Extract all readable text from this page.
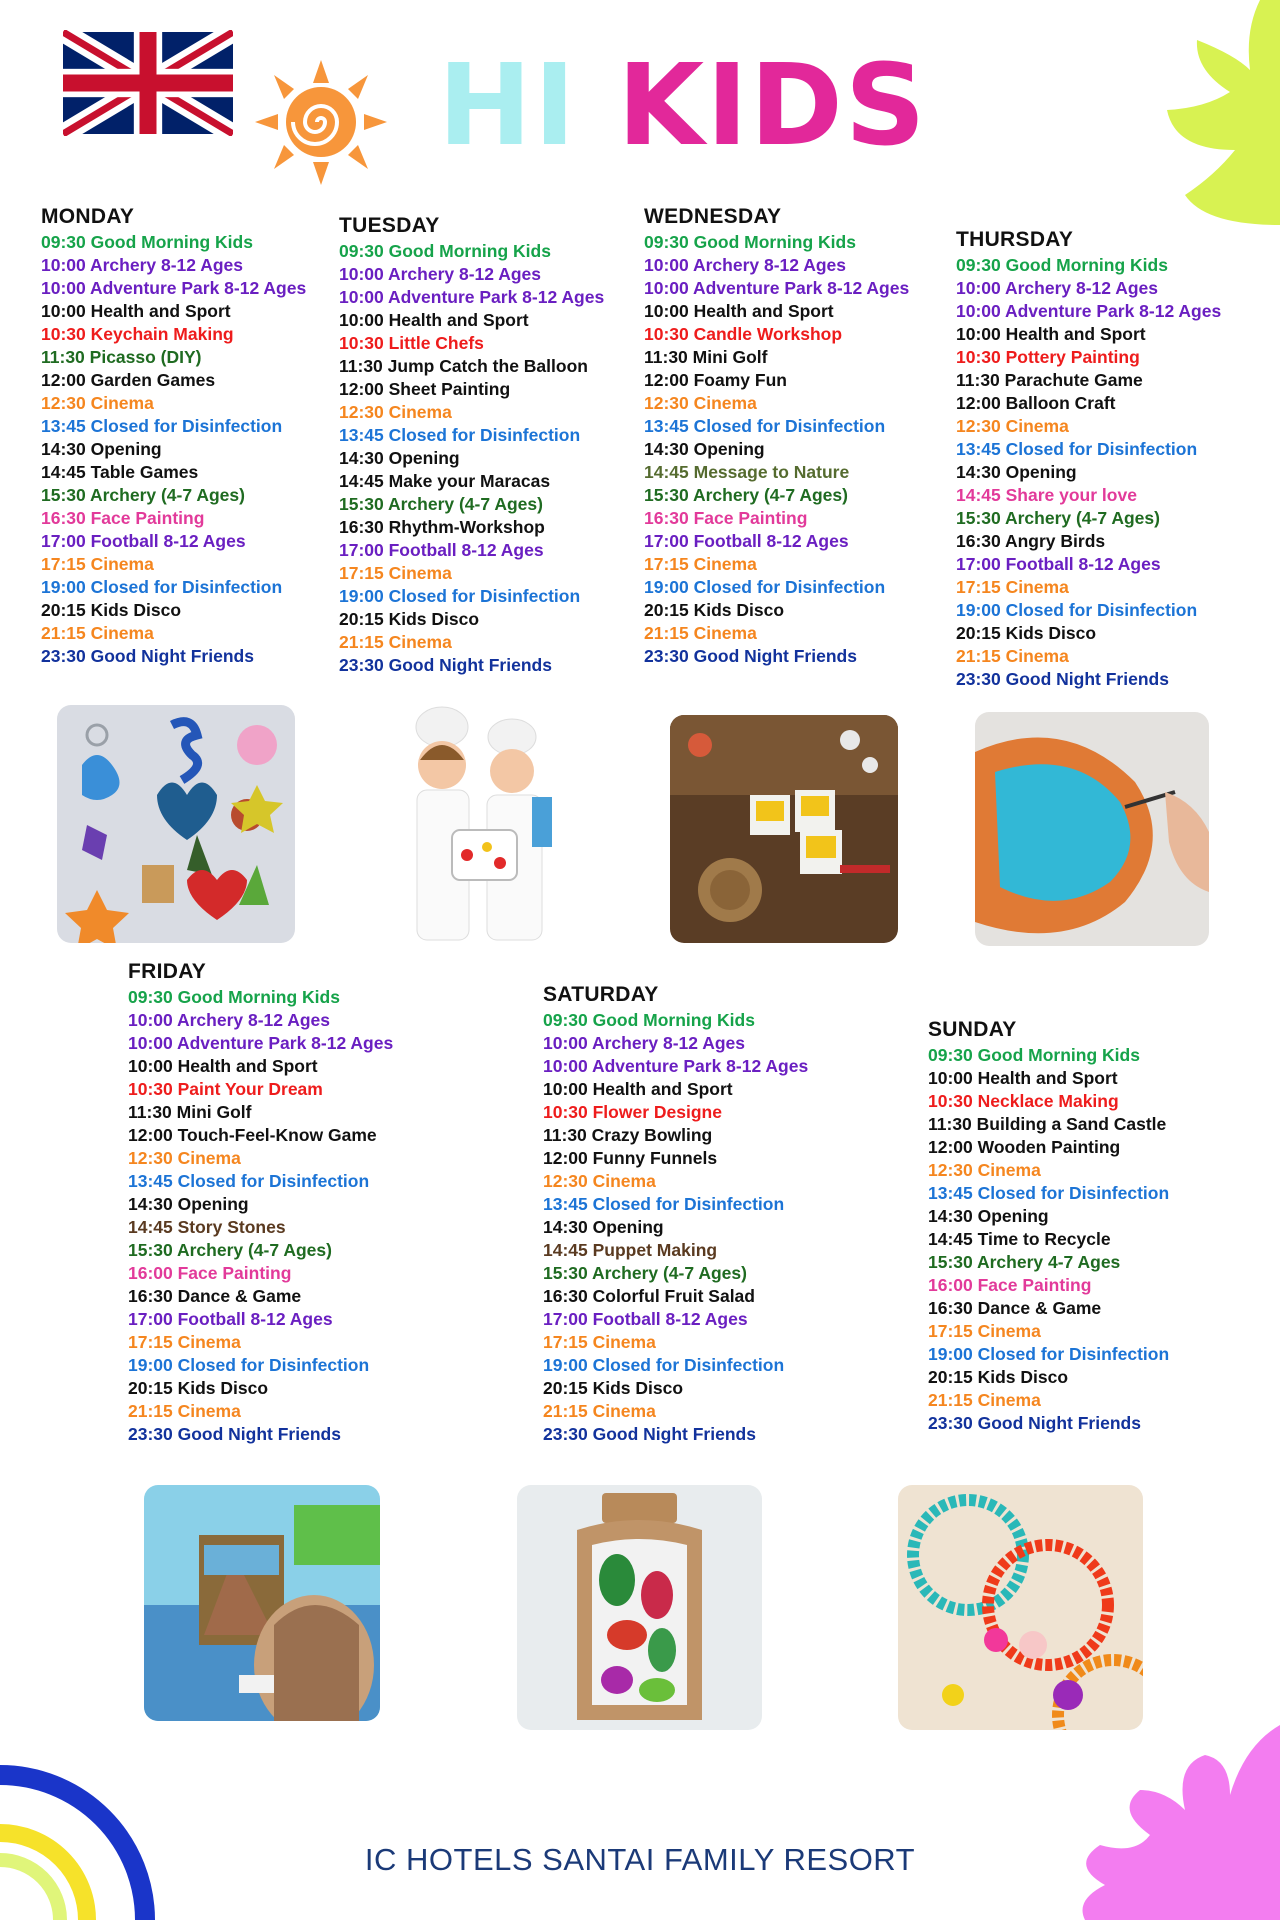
HI KIDS
MONDAY
09:30 Good Morning Kids
10:00 Archery 8-12 Ages
10:00 Adventure Park 8-12 Ages
10:00 Health and Sport
10:30 Keychain Making
11:30 Picasso (DIY)
12:00 Garden Games
12:30 Cinema
13:45 Closed for Disinfection
14:30 Opening
14:45 Table Games
15:30 Archery (4-7 Ages)
16:30 Face Painting
17:00 Football 8-12 Ages
17:15 Cinema
19:00 Closed for Disinfection
20:15 Kids Disco
21:15 Cinema
23:30 Good Night Friends
TUESDAY
09:30 Good Morning Kids
10:00 Archery 8-12 Ages
10:00 Adventure Park 8-12 Ages
10:00 Health and Sport
10:30 Little Chefs
11:30 Jump Catch the Balloon
12:00 Sheet Painting
12:30 Cinema
13:45 Closed for Disinfection
14:30 Opening
14:45 Make your Maracas
15:30 Archery (4-7 Ages)
16:30 Rhythm-Workshop
17:00 Football 8-12 Ages
17:15 Cinema
19:00 Closed for Disinfection
20:15 Kids Disco
21:15 Cinema
23:30 Good Night Friends
WEDNESDAY
09:30 Good Morning Kids
10:00 Archery 8-12 Ages
10:00 Adventure Park 8-12 Ages
10:00 Health and Sport
10:30 Candle Workshop
11:30 Mini Golf
12:00 Foamy Fun
12:30 Cinema
13:45 Closed for Disinfection
14:30 Opening
14:45 Message to Nature
15:30 Archery (4-7 Ages)
16:30 Face Painting
17:00 Football 8-12 Ages
17:15 Cinema
19:00 Closed for Disinfection
20:15 Kids Disco
21:15 Cinema
23:30 Good Night Friends
THURSDAY
09:30 Good Morning Kids
10:00 Archery 8-12 Ages
10:00 Adventure Park 8-12 Ages
10:00 Health and Sport
10:30 Pottery Painting
11:30 Parachute Game
12:00 Balloon Craft
12:30 Cinema
13:45 Closed for Disinfection
14:30 Opening
14:45 Share your love
15:30 Archery (4-7 Ages)
16:30 Angry Birds
17:00 Football 8-12 Ages
17:15 Cinema
19:00 Closed for Disinfection
20:15 Kids Disco
21:15 Cinema
23:30 Good Night Friends
FRIDAY
09:30 Good Morning Kids
10:00 Archery 8-12 Ages
10:00 Adventure Park 8-12 Ages
10:00 Health and Sport
10:30 Paint Your Dream
11:30 Mini Golf
12:00 Touch-Feel-Know Game
12:30 Cinema
13:45 Closed for Disinfection
14:30 Opening
14:45 Story Stones
15:30 Archery (4-7 Ages)
16:00 Face Painting
16:30 Dance & Game
17:00 Football 8-12 Ages
17:15 Cinema
19:00 Closed for Disinfection
20:15 Kids Disco
21:15 Cinema
23:30 Good Night Friends
SATURDAY
09:30 Good Morning Kids
10:00 Archery 8-12 Ages
10:00 Adventure Park 8-12 Ages
10:00 Health and Sport
10:30 Flower Designe
11:30 Crazy Bowling
12:00 Funny Funnels
12:30 Cinema
13:45 Closed for Disinfection
14:30 Opening
14:45 Puppet Making
15:30 Archery (4-7 Ages)
16:30 Colorful Fruit Salad
17:00 Football 8-12 Ages
17:15 Cinema
19:00 Closed for Disinfection
20:15 Kids Disco
21:15 Cinema
23:30 Good Night Friends
SUNDAY
09:30 Good Morning Kids
10:00 Health and Sport
10:30 Necklace Making
11:30 Building a Sand Castle
12:00 Wooden Painting
12:30 Cinema
13:45 Closed for Disinfection
14:30 Opening
14:45 Time to Recycle
15:30 Archery 4-7 Ages
16:00 Face Painting
16:30 Dance & Game
17:15 Cinema
19:00 Closed for Disinfection
20:15 Kids Disco
21:15 Cinema
23:30 Good Night Friends
IC HOTELS SANTAI FAMILY RESORT
